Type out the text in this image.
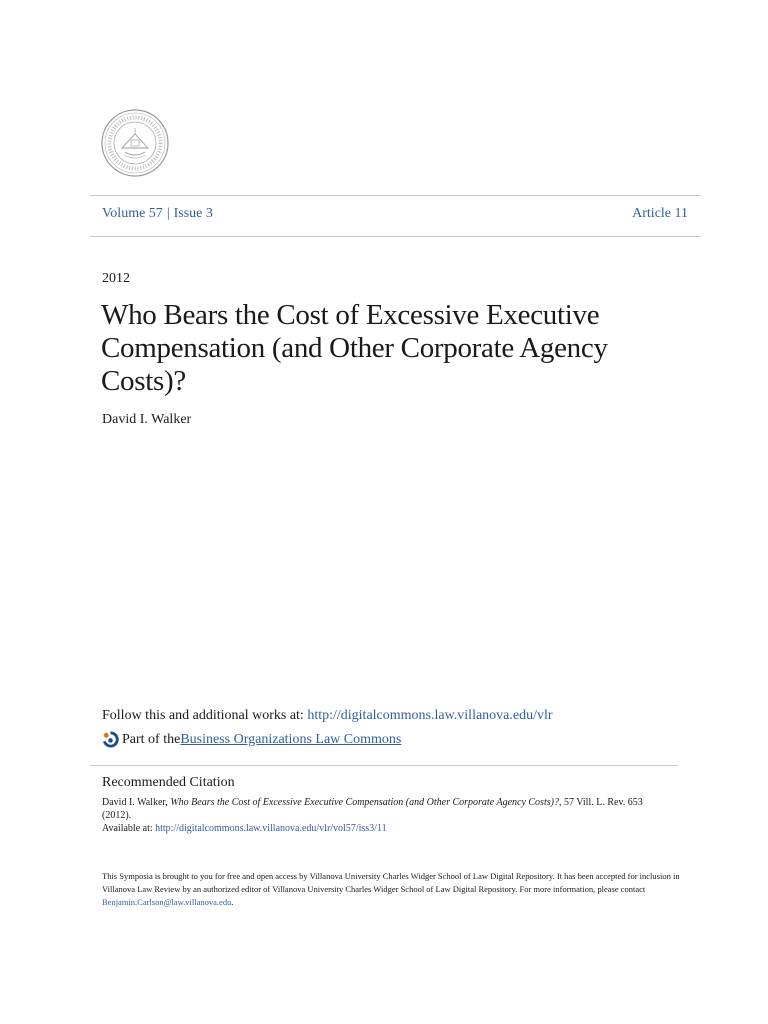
Volume 57 | Issue 3	Article 11
2012
Who Bears the Cost of Excessive Executive Compensation (and Other Corporate Agency Costs)?
David I. Walker
Follow this and additional works at: http://digitalcommons.law.villanova.edu/vlr
Part of the Business Organizations Law Commons
Recommended Citation
David I. Walker, Who Bears the Cost of Excessive Executive Compensation (and Other Corporate Agency Costs)?, 57 Vill. L. Rev. 653 (2012).
Available at: http://digitalcommons.law.villanova.edu/vlr/vol57/iss3/11
This Symposia is brought to you for free and open access by Villanova University Charles Widger School of Law Digital Repository. It has been accepted for inclusion in Villanova Law Review by an authorized editor of Villanova University Charles Widger School of Law Digital Repository. For more information, please contact Benjamin.Carlson@law.villanova.edu.
